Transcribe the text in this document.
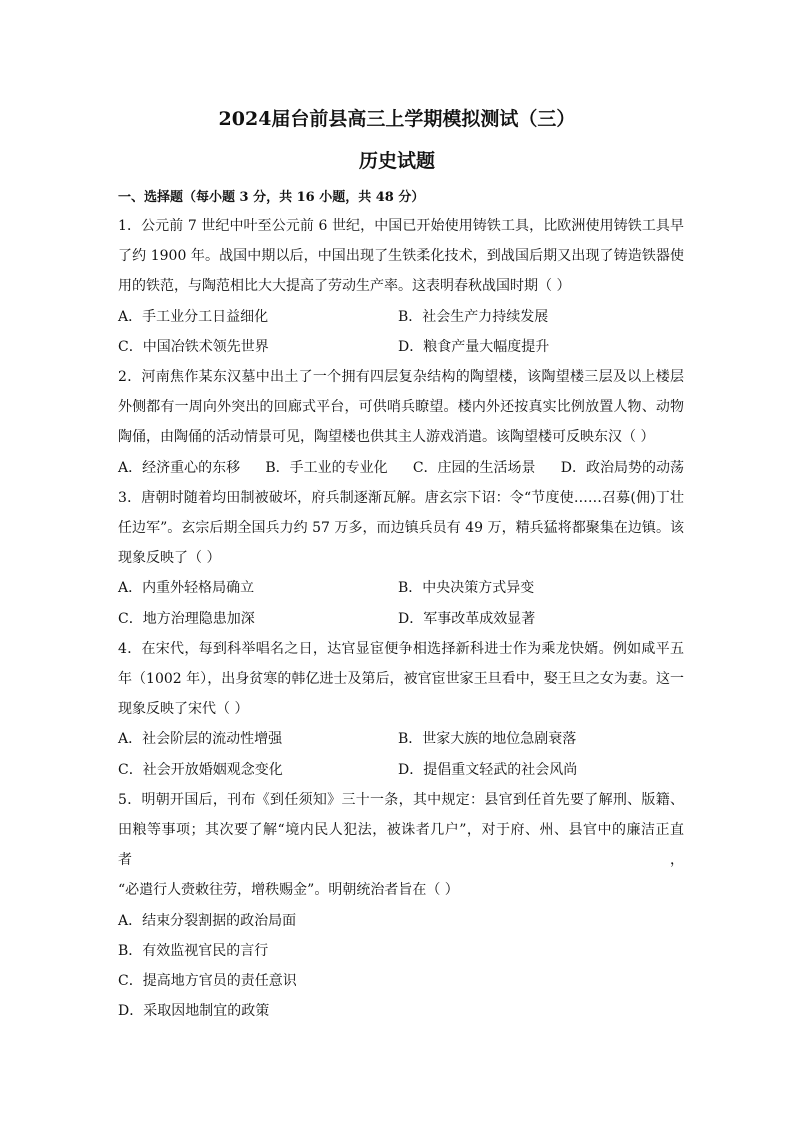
2024届台前县高三上学期模拟测试（三）
历史试题
一、选择题（每小题 3 分，共 16 小题，共 48 分）

1．公元前 7 世纪中叶至公元前 6 世纪，中国已开始使用铸铁工具，比欧洲使用铸铁工具早

了约 1900 年。战国中期以后，中国出现了生铁柔化技术，到战国后期又出现了铸造铁器使

用的铁范，与陶范相比大大提高了劳动生产率。这表明春秋战国时期（ ）

A．手工业分工日益细化	B．社会生产力持续发展
C．中国冶铁术领先世界	D．粮食产量大幅度提升

2．河南焦作某东汉墓中出土了一个拥有四层复杂结构的陶望楼，该陶望楼三层及以上楼层

外侧都有一周向外突出的回廊式平台，可供哨兵瞭望。楼内外还按真实比例放置人物、动物

陶俑，由陶俑的活动情景可见，陶望楼也供其主人游戏消遣。该陶望楼可反映东汉（ ）

A．经济重心的东移 B．手工业的专业化 C．庄园的生活场景 D．政治局势的动荡

3．唐朝时随着均田制被破坏，府兵制逐渐瓦解。唐玄宗下诏：令“节度使……召募(佣)丁壮

任边军”。玄宗后期全国兵力约 57 万多，而边镇兵员有 49 万，精兵猛将都聚集在边镇。该

现象反映了（ ）

A．内重外轻格局确立	B．中央决策方式异变
C．地方治理隐患加深	D．军事改革成效显著

4．在宋代，每到科举唱名之日，达官显宦便争相选择新科进士作为乘龙快婿。例如咸平五

年（1002 年），出身贫寒的韩亿进士及第后，被官宦世家王旦看中，娶王旦之女为妻。这一

现象反映了宋代（ ）

A．社会阶层的流动性增强	B．世家大族的地位急剧衰落
C．社会开放婚姻观念变化	D．提倡重文轻武的社会风尚

5．明朝开国后，刊布《到任须知》三十一条，其中规定：县官到任首先要了解刑、版籍、

田粮等事项；其次要了解“境内民人犯法，被诛者几户”，对于府、州、县官中的廉洁正直者，

“必遣行人赍敕往劳，增秩赐金”。明朝统治者旨在（ ）

A．结束分裂割据的政治局面
B．有效监视官民的言行
C．提高地方官员的责任意识
D．采取因地制宜的政策
